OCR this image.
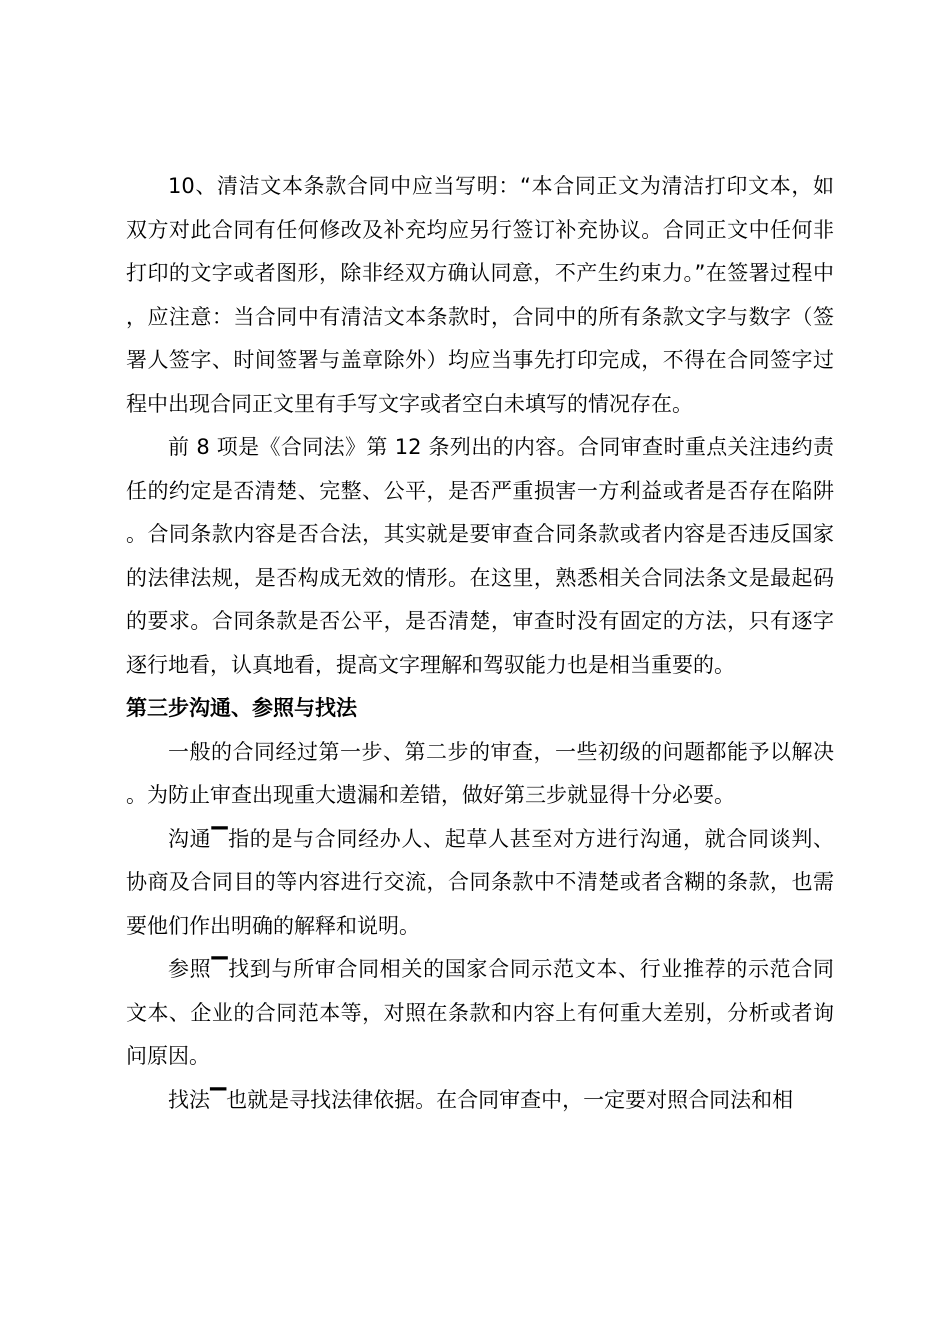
10、清洁文本条款合同中应当写明：“本合同正文为清洁打印文本，如双方对此合同有任何修改及补充均应另行签订补充协议。合同正文中任何非打印的文字或者图形，除非经双方确认同意，不产生约束力。”在签署过程中，应注意：当合同中有清洁文本条款时，合同中的所有条款文字与数字（签署人签字、时间签署与盖章除外）均应当事先打印完成，不得在合同签字过程中出现合同正文里有手写文字或者空白未填写的情况存在。

前 8 项是《合同法》第 12 条列出的内容。合同审查时重点关注违约责任的约定是否清楚、完整、公平，是否严重损害一方利益或者是否存在陷阱。合同条款内容是否合法，其实就是要审查合同条款或者内容是否违反国家的法律法规，是否构成无效的情形。在这里，熟悉相关合同法条文是最起码的要求。合同条款是否公平，是否清楚，审查时没有固定的方法，只有逐字逐行地看，认真地看，提高文字理解和驾驭能力也是相当重要的。

第三步沟通、参照与找法

一般的合同经过第一步、第二步的审查，一些初级的问题都能予以解决。为防止审查出现重大遗漏和差错，做好第三步就显得十分必要。

沟通▔指的是与合同经办人、起草人甚至对方进行沟通，就合同谈判、协商及合同目的等内容进行交流，合同条款中不清楚或者含糊的条款，也需要他们作出明确的解释和说明。

参照▔找到与所审合同相关的国家合同示范文本、行业推荐的示范合同文本、企业的合同范本等，对照在条款和内容上有何重大差别，分析或者询问原因。

找法▔也就是寻找法律依据。在合同审查中，一定要对照合同法和相
